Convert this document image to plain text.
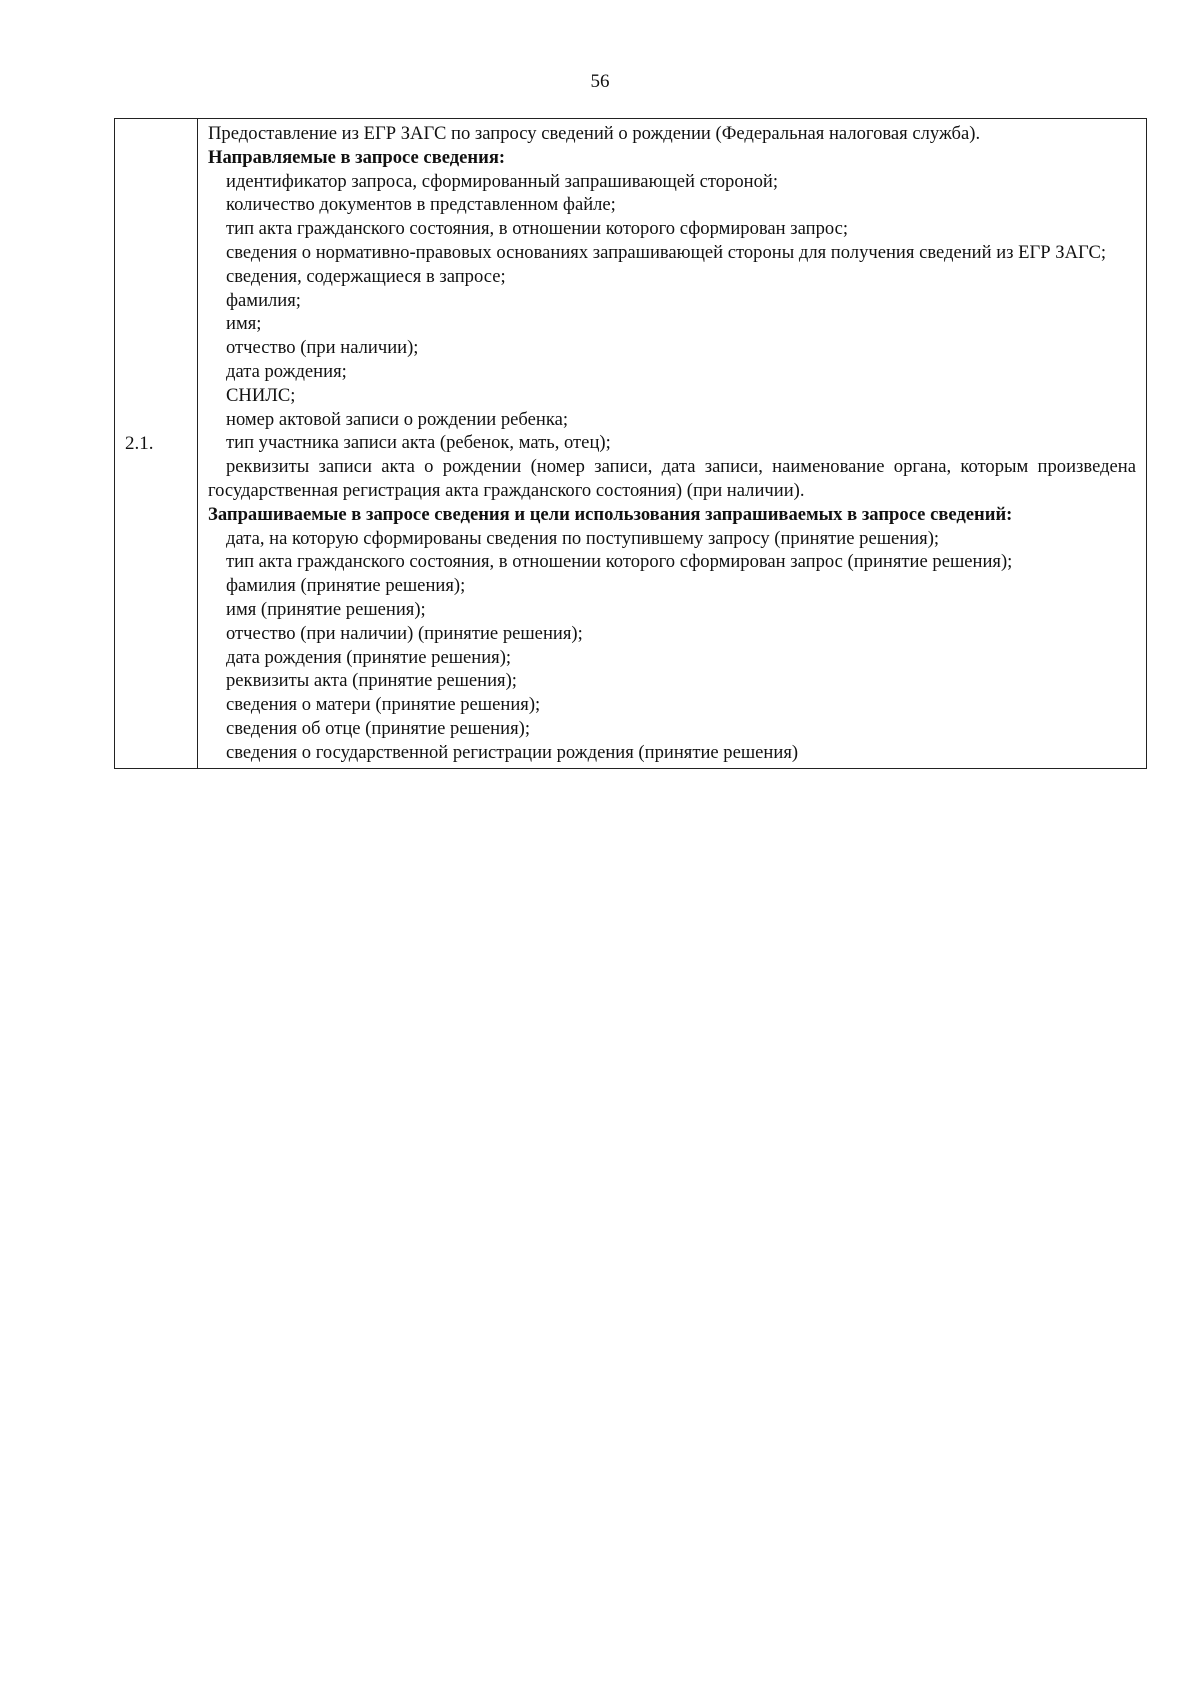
56
2.1.	
Предоставление из ЕГР ЗАГС по запросу сведений о рождении (Федеральная налоговая служба).
Направляемые в запросе сведения:
идентификатор запроса, сформированный запрашивающей стороной;
количество документов в представленном файле;
тип акта гражданского состояния, в отношении которого сформирован запрос;
сведения о нормативно-правовых основаниях запрашивающей стороны для получения сведений из ЕГР ЗАГС;
сведения, содержащиеся в запросе;
фамилия;
имя;
отчество (при наличии);
дата рождения;
СНИЛС;
номер актовой записи о рождении ребенка;
тип участника записи акта (ребенок, мать, отец);
реквизиты записи акта о рождении (номер записи, дата записи, наименование органа, которым произведена государственная регистрация акта гражданского состояния) (при наличии).
Запрашиваемые в запросе сведения и цели использования запрашиваемых в запросе сведений:
дата, на которую сформированы сведения по поступившему запросу (принятие решения);
тип акта гражданского состояния, в отношении которого сформирован запрос (принятие решения);
фамилия (принятие решения);
имя (принятие решения);
отчество (при наличии) (принятие решения);
дата рождения (принятие решения);
реквизиты акта (принятие решения);
сведения о матери (принятие решения);
сведения об отце (принятие решения);
сведения о государственной регистрации рождения (принятие решения)
